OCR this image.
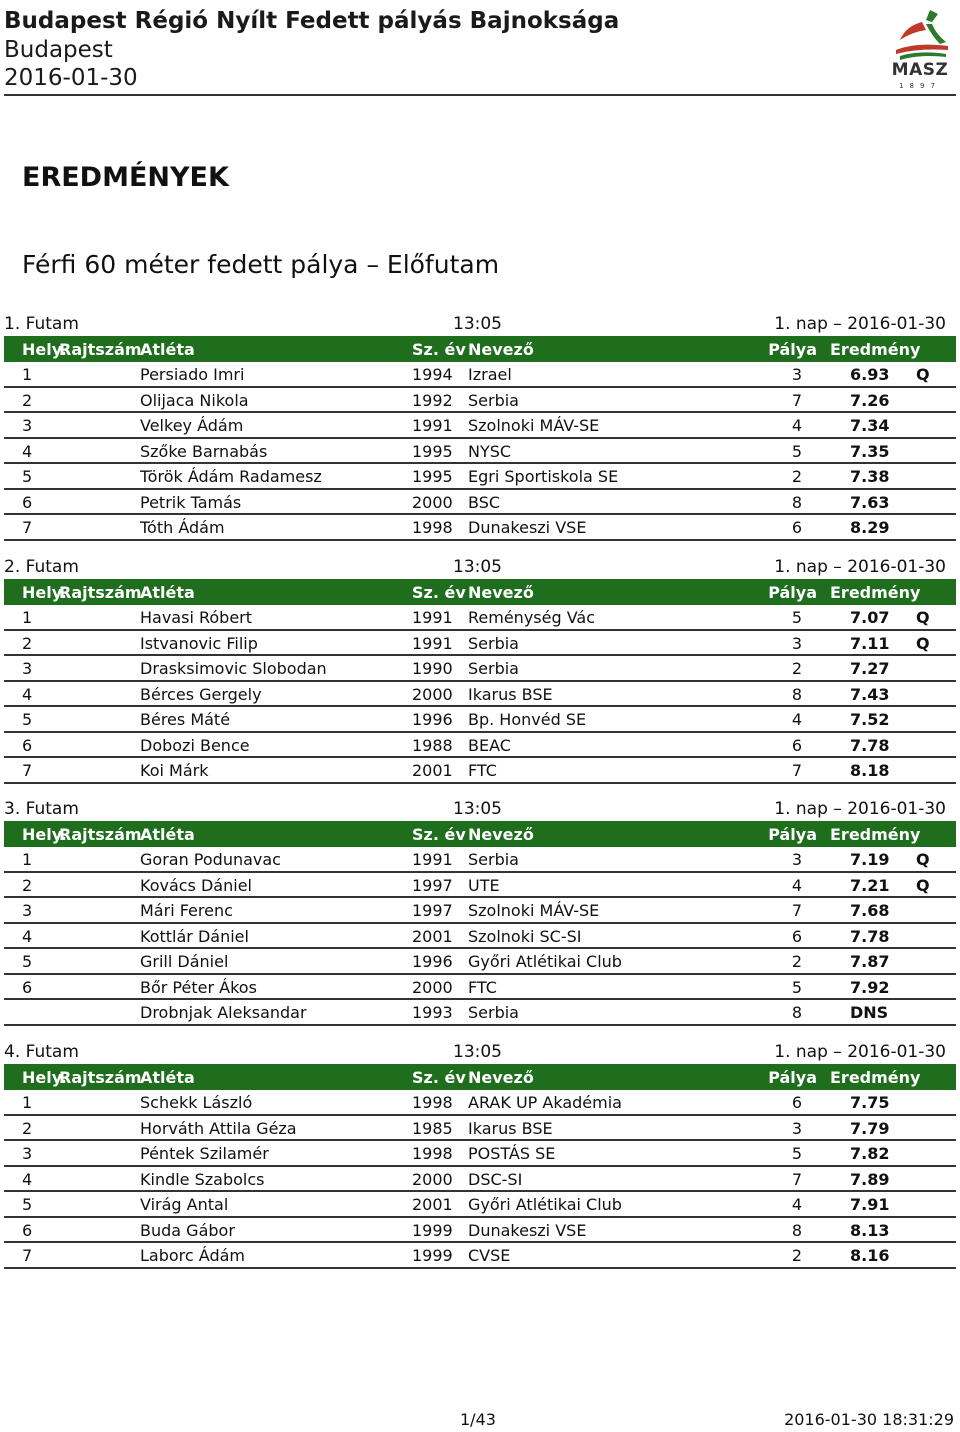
Budapest Régió Nyílt Fedett pályás Bajnoksága
Budapest
2016-01-30	MASZ
1897
EREDMÉNYEK
Férfi 60 méter fedett pálya – Előfutam
1. Futam	13:05	1. nap – 2016-01-30
Hely.
Rajtszám
Atléta	Sz. év Nevező	Pálya Eredmény
1	Persiado Imri	1994 Izrael	3	6.93 Q
2	Olijaca Nikola	1992 Serbia	7	7.26
3	Velkey Ádám	1991 Szolnoki MÁV-SE	4	7.34
4	Szőke Barnabás	1995 NYSC	5	7.35
5	Török Ádám Radamesz	1995 Egri Sportiskola SE	2	7.38
6	Petrik Tamás	2000 BSC	8	7.63
7	Tóth Ádám	1998 Dunakeszi VSE	6	8.29
2. Futam	13:05	1. nap – 2016-01-30
Hely.
Rajtszám
Atléta	Sz. év Nevező	Pálya Eredmény
1	Havasi Róbert	1991 Reménység Vác	5	7.07 Q
2	Istvanovic Filip	1991 Serbia	3	7.11 Q
3	Drasksimovic Slobodan	1990 Serbia	2	7.27
4	Bérces Gergely	2000 Ikarus BSE	8	7.43
5	Béres Máté	1996 Bp. Honvéd SE	4	7.52
6	Dobozi Bence	1988 BEAC	6	7.78
7	Koi Márk	2001 FTC	7	8.18
3. Futam	13:05	1. nap – 2016-01-30
Hely.
Rajtszám
Atléta	Sz. év Nevező	Pálya Eredmény
1	Goran Podunavac	1991 Serbia	3	7.19 Q
2	Kovács Dániel	1997 UTE	4	7.21 Q
3	Mári Ferenc	1997 Szolnoki MÁV-SE	7	7.68
4	Kottlár Dániel	2001 Szolnoki SC-SI	6	7.78
5	Grill Dániel	1996 Győri Atlétikai Club	2	7.87
6	Bőr Péter Ákos	2000 FTC	5	7.92
Drobnjak Aleksandar	1993 Serbia	8	DNS
4. Futam	13:05	1. nap – 2016-01-30
Hely.
Rajtszám
Atléta	Sz. év Nevező	Pálya Eredmény
1	Schekk László	1998 ARAK UP Akadémia	6	7.75
2	Horváth Attila Géza	1985 Ikarus BSE	3	7.79
3	Péntek Szilamér	1998 POSTÁS SE	5	7.82
4	Kindle Szabolcs	2000 DSC-SI	7	7.89
5	Virág Antal	2001 Győri Atlétikai Club	4	7.91
6	Buda Gábor	1999 Dunakeszi VSE	8	8.13
7	Laborc Ádám	1999 CVSE	2	8.16
1/43	2016-01-30 18:31:29
